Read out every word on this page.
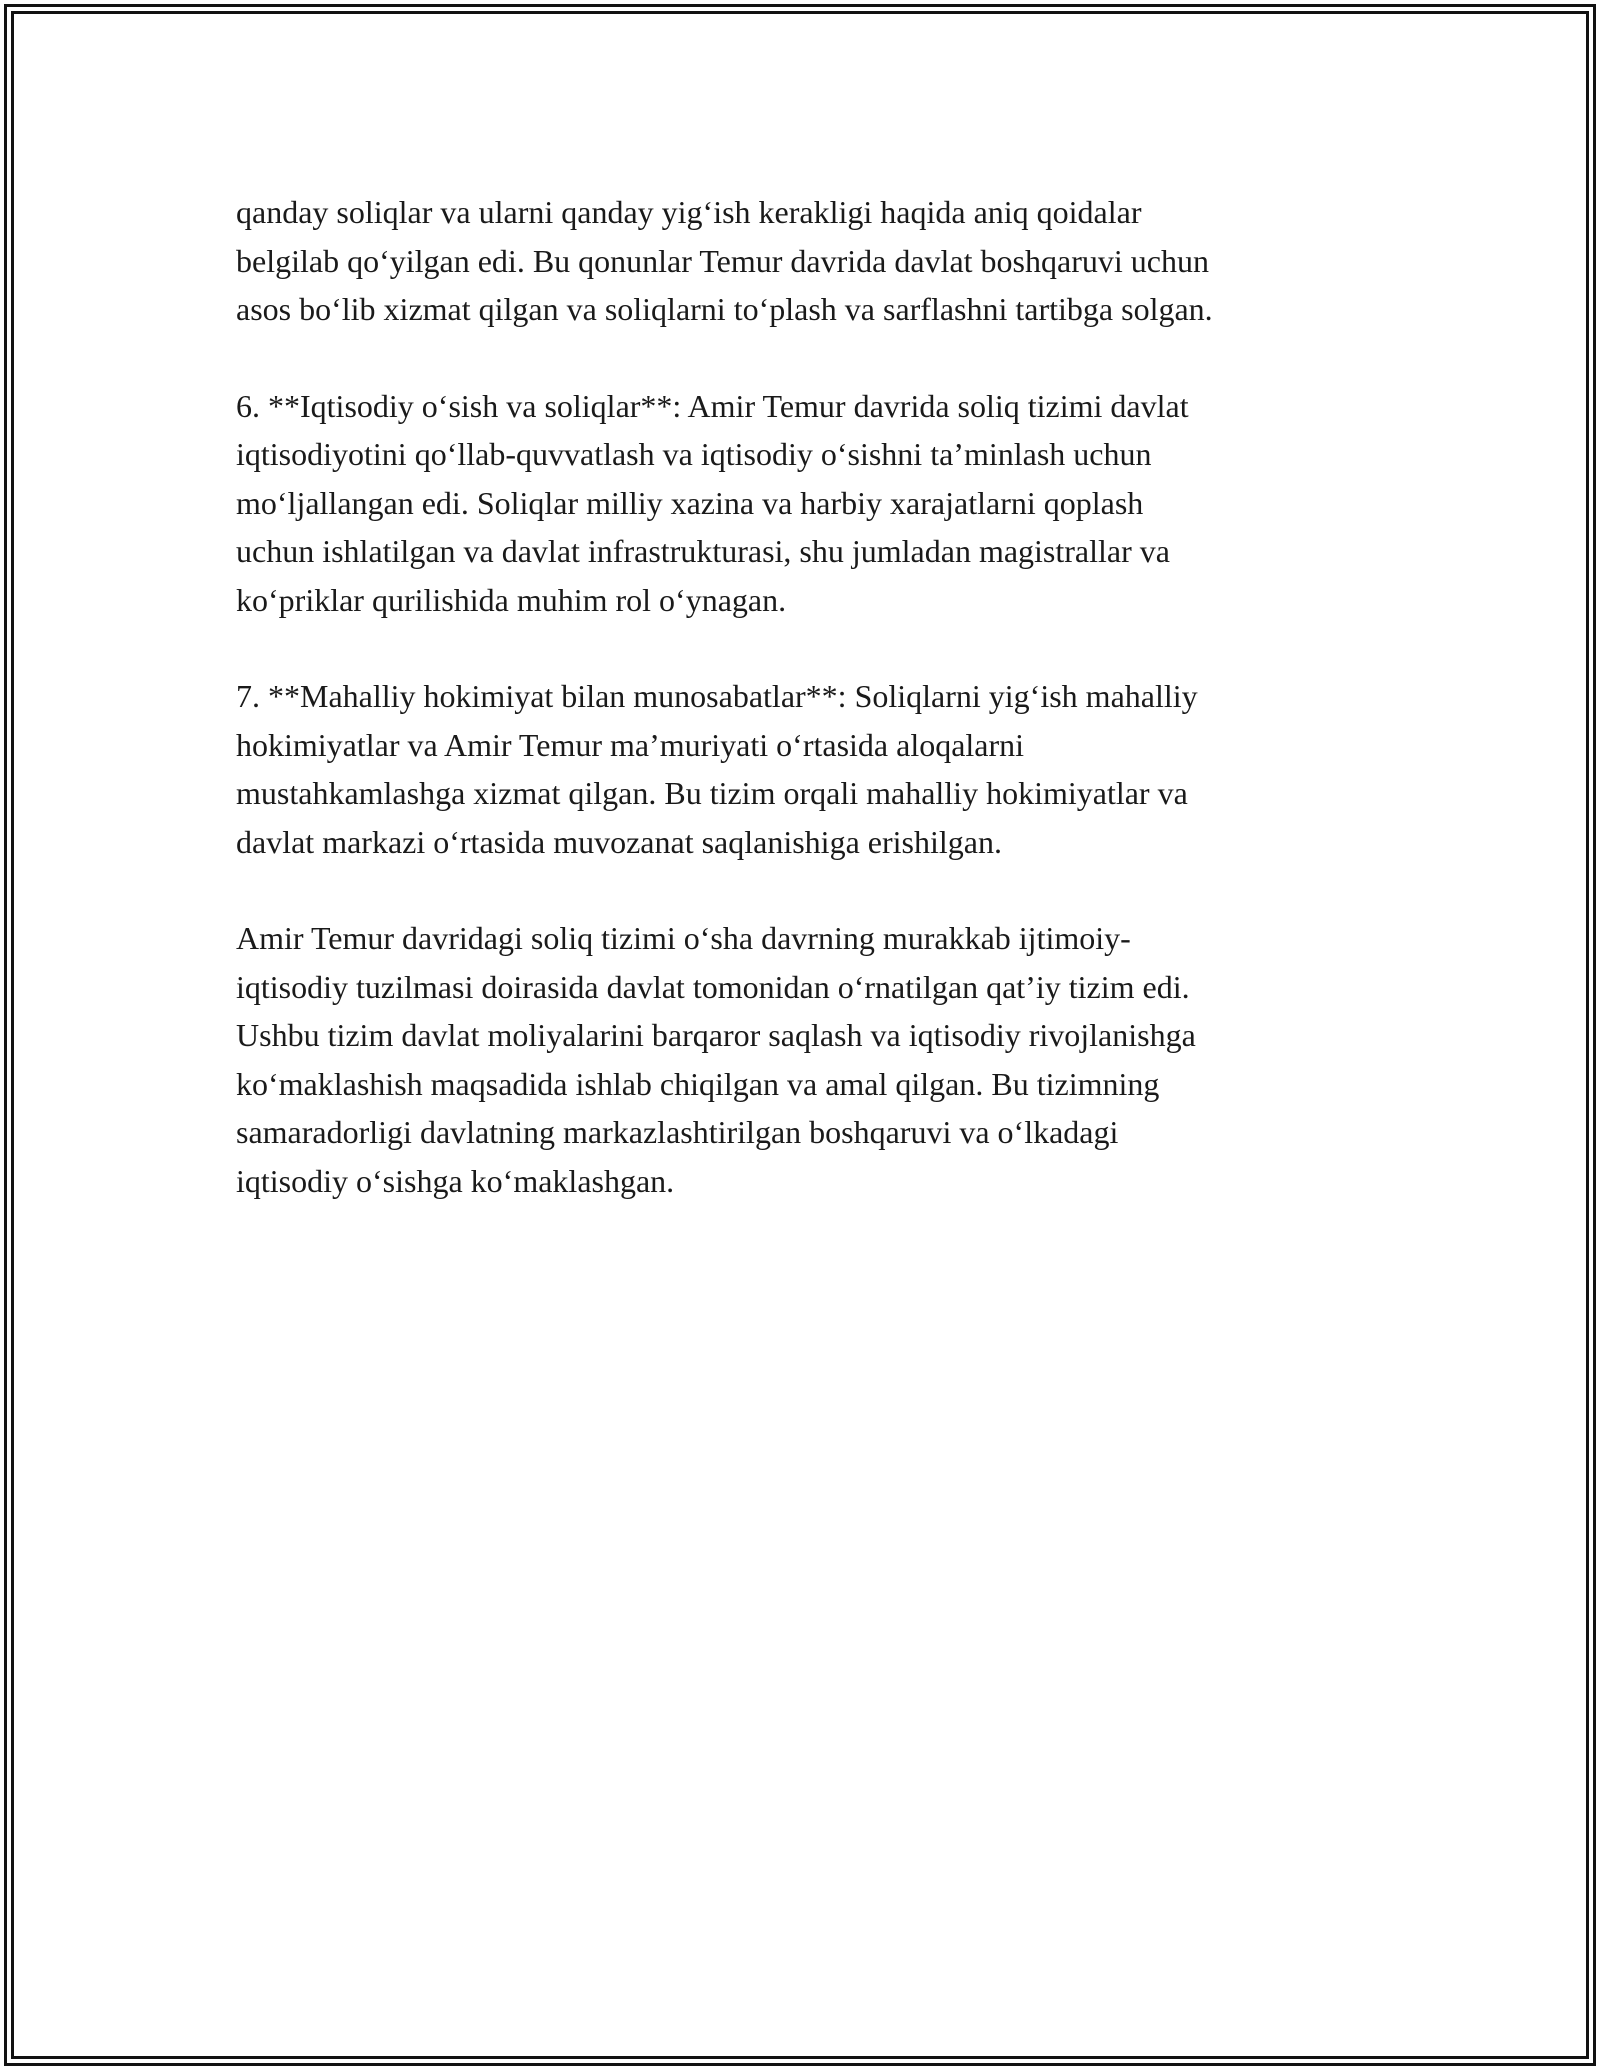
qanday soliqlar va ularni qanday yig‘ish kerakligi haqida aniq qoidalar
belgilab qo‘yilgan edi. Bu qonunlar Temur davrida davlat boshqaruvi uchun
asos bo‘lib xizmat qilgan va soliqlarni to‘plash va sarflashni tartibga solgan.

6. **Iqtisodiy o‘sish va soliqlar**: Amir Temur davrida soliq tizimi davlat
iqtisodiyotini qo‘llab-quvvatlash va iqtisodiy o‘sishni ta’minlash uchun
mo‘ljallangan edi. Soliqlar milliy xazina va harbiy xarajatlarni qoplash
uchun ishlatilgan va davlat infrastrukturasi, shu jumladan magistrallar va
ko‘priklar qurilishida muhim rol o‘ynagan.

7. **Mahalliy hokimiyat bilan munosabatlar**: Soliqlarni yig‘ish mahalliy
hokimiyatlar va Amir Temur ma’muriyati o‘rtasida aloqalarni
mustahkamlashga xizmat qilgan. Bu tizim orqali mahalliy hokimiyatlar va
davlat markazi o‘rtasida muvozanat saqlanishiga erishilgan.

Amir Temur davridagi soliq tizimi o‘sha davrning murakkab ijtimoiy-
iqtisodiy tuzilmasi doirasida davlat tomonidan o‘rnatilgan qat’iy tizim edi.
Ushbu tizim davlat moliyalarini barqaror saqlash va iqtisodiy rivojlanishga
ko‘maklashish maqsadida ishlab chiqilgan va amal qilgan. Bu tizimning
samaradorligi davlatning markazlashtirilgan boshqaruvi va o‘lkadagi
iqtisodiy o‘sishga ko‘maklashgan.
